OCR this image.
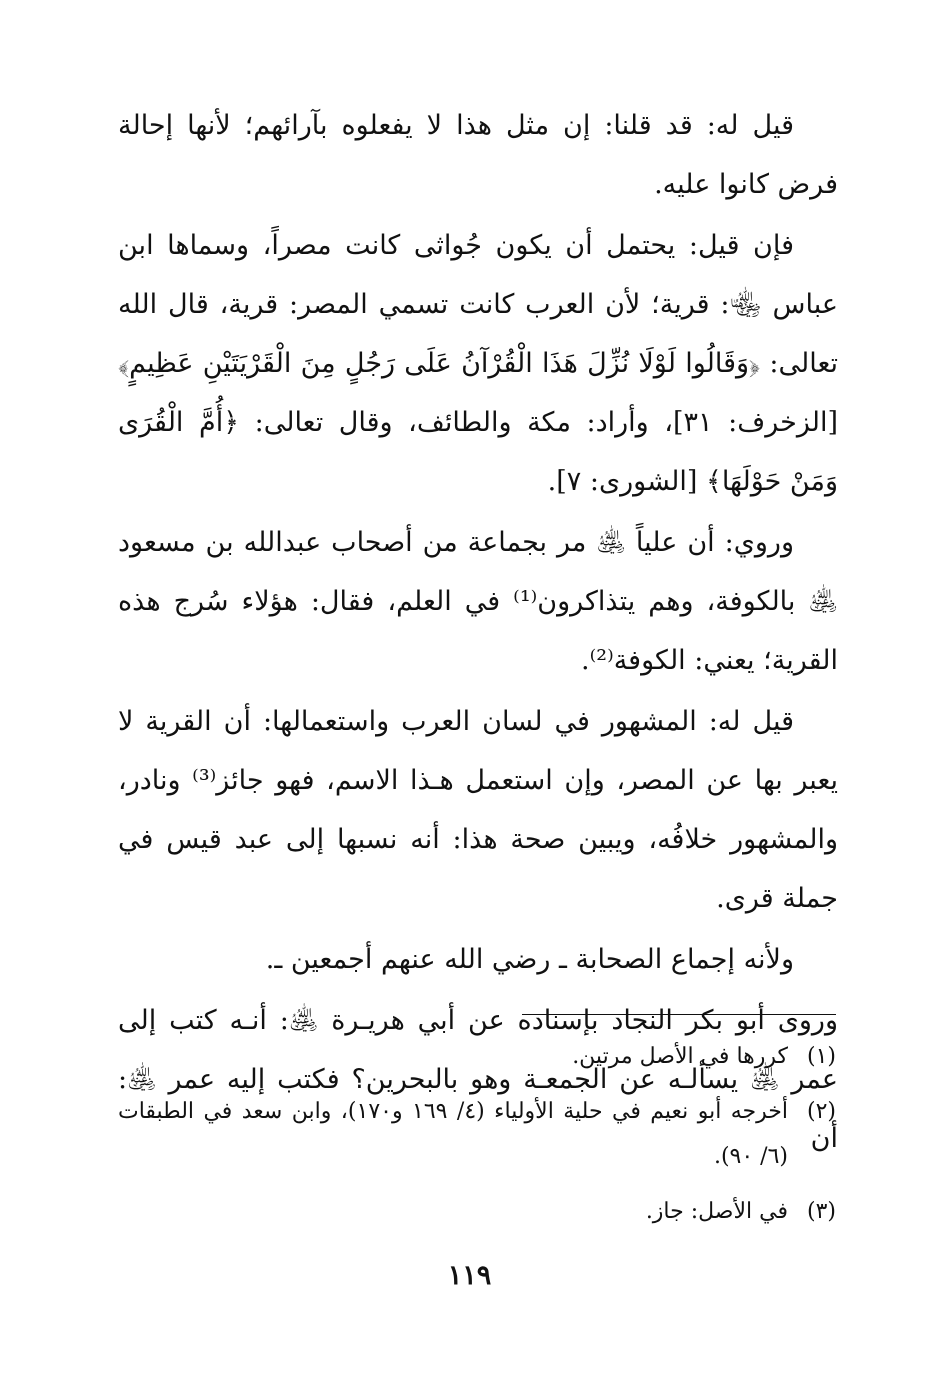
قيل له: قد قلنا: إن مثل هذا لا يفعلوه بآرائهم؛ لأنها إحالة فرض كانوا عليه.

فإن قيل: يحتمل أن يكون جُواثى كانت مصراً، وسماها ابن عباس ﵄: قرية؛ لأن العرب كانت تسمي المصر: قرية، قال الله تعالى: ﴿وَقَالُوا لَوْلَا نُزِّلَ هَذَا الْقُرْآنُ عَلَى رَجُلٍ مِنَ الْقَرْيَتَيْنِ عَظِيمٍ﴾ [الزخرف: ٣١]، وأراد: مكة والطائف، وقال تعالى: ﴿أُمَّ الْقُرَى وَمَنْ حَوْلَهَا﴾ [الشورى: ٧].

وروي: أن علياً ﵁ مر بجماعة من أصحاب عبدالله بن مسعود ﵁ بالكوفة، وهم يتذاكرون⁽¹⁾ في العلم، فقال: هؤلاء سُرج هذه القرية؛ يعني: الكوفة⁽²⁾.

قيل له: المشهور في لسان العرب واستعمالها: أن القرية لا يعبر بها عن المصر، وإن استعمل هـذا الاسم، فهو جائز⁽³⁾ ونادر، والمشهور خلافُه، ويبين صحة هذا: أنه نسبها إلى عبد قيس في جملة قرى.

ولأنه إجماع الصحابة ـ رضي الله عنهم أجمعين ـ.

وروى أبو بكر النجاد بإسناده عن أبي هريـرة ﵁: أنـه كتب إلى عمر ﵁ يسألـه عن الجمعـة وهو بالبحرين؟ فكتب إليه عمر ﵁: أن

(١)
كررها في الأصل مرتين.
(٢)
أخرجه أبو نعيم في حلية الأولياء (٤/ ١٦٩ و١٧٠)، وابن سعد في الطبقات (٦/ ٩٠).
(٣)
في الأصل: جاز.
١١٩
